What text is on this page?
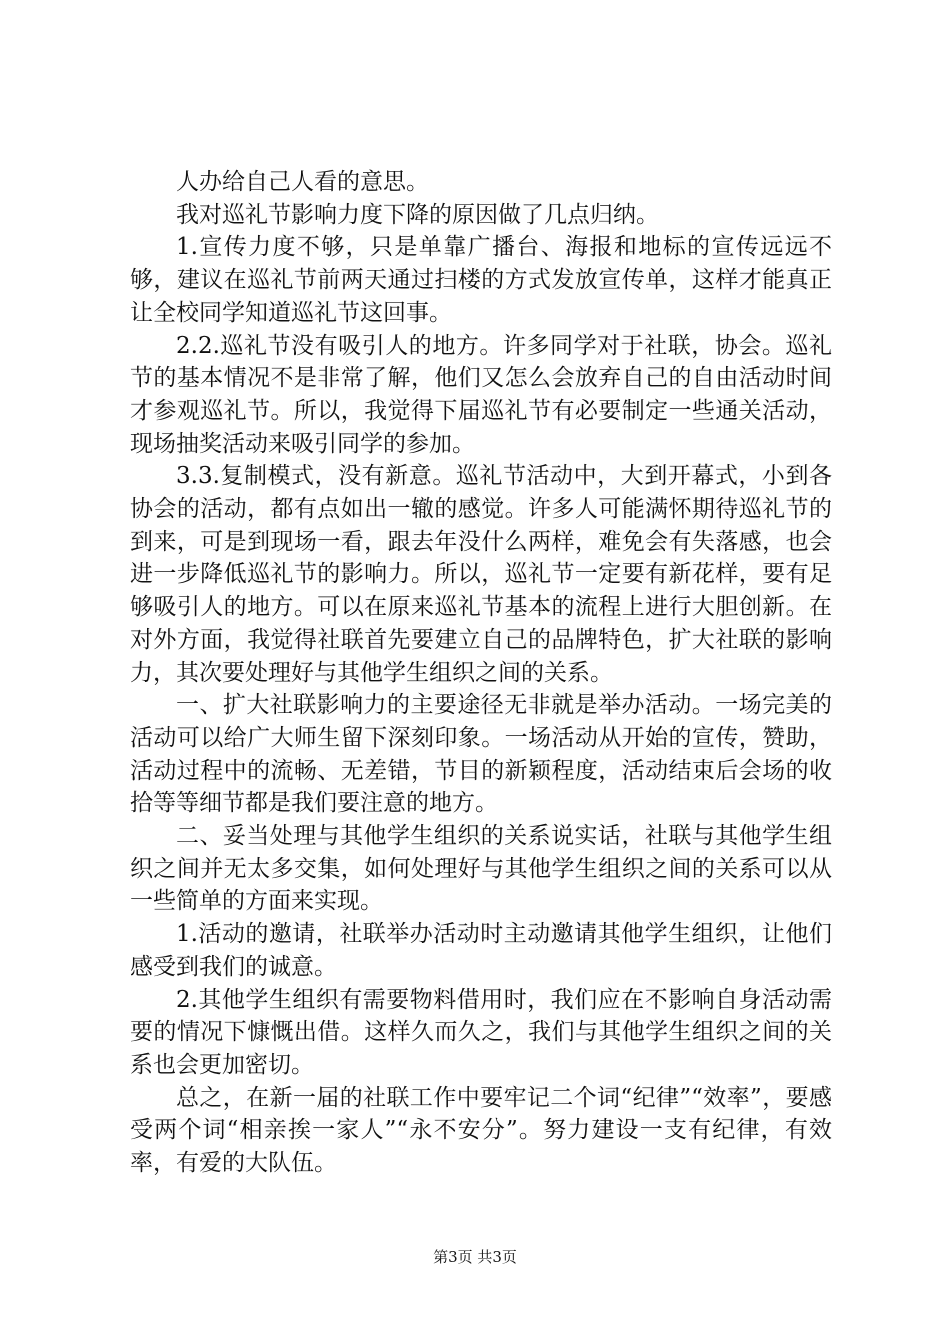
人办给自己人看的意思。

我对巡礼节影响力度下降的原因做了几点归纳。

1.宣传力度不够，只是单靠广播台、海报和地标的宣传远远不够，建议在巡礼节前两天通过扫楼的方式发放宣传单，这样才能真正让全校同学知道巡礼节这回事。

2.2.巡礼节没有吸引人的地方。许多同学对于社联，协会。巡礼节的基本情况不是非常了解，他们又怎么会放弃自己的自由活动时间才参观巡礼节。所以，我觉得下届巡礼节有必要制定一些通关活动，现场抽奖活动来吸引同学的参加。

3.3.复制模式，没有新意。巡礼节活动中，大到开幕式，小到各协会的活动，都有点如出一辙的感觉。许多人可能满怀期待巡礼节的到来，可是到现场一看，跟去年没什么两样，难免会有失落感，也会进一步降低巡礼节的影响力。所以，巡礼节一定要有新花样，要有足够吸引人的地方。可以在原来巡礼节基本的流程上进行大胆创新。在对外方面，我觉得社联首先要建立自己的品牌特色，扩大社联的影响力，其次要处理好与其他学生组织之间的关系。

一、扩大社联影响力的主要途径无非就是举办活动。一场完美的活动可以给广大师生留下深刻印象。一场活动从开始的宣传，赞助，活动过程中的流畅、无差错，节目的新颖程度，活动结束后会场的收拾等等细节都是我们要注意的地方。

二、妥当处理与其他学生组织的关系说实话，社联与其他学生组织之间并无太多交集，如何处理好与其他学生组织之间的关系可以从一些简单的方面来实现。

1.活动的邀请，社联举办活动时主动邀请其他学生组织，让他们感受到我们的诚意。

2.其他学生组织有需要物料借用时，我们应在不影响自身活动需要的情况下慷慨出借。这样久而久之，我们与其他学生组织之间的关系也会更加密切。

总之，在新一届的社联工作中要牢记二个词“纪律”“效率”，要感受两个词“相亲挨一家人”“永不安分”。努力建设一支有纪律，有效率，有爱的大队伍。

第3页 共3页
